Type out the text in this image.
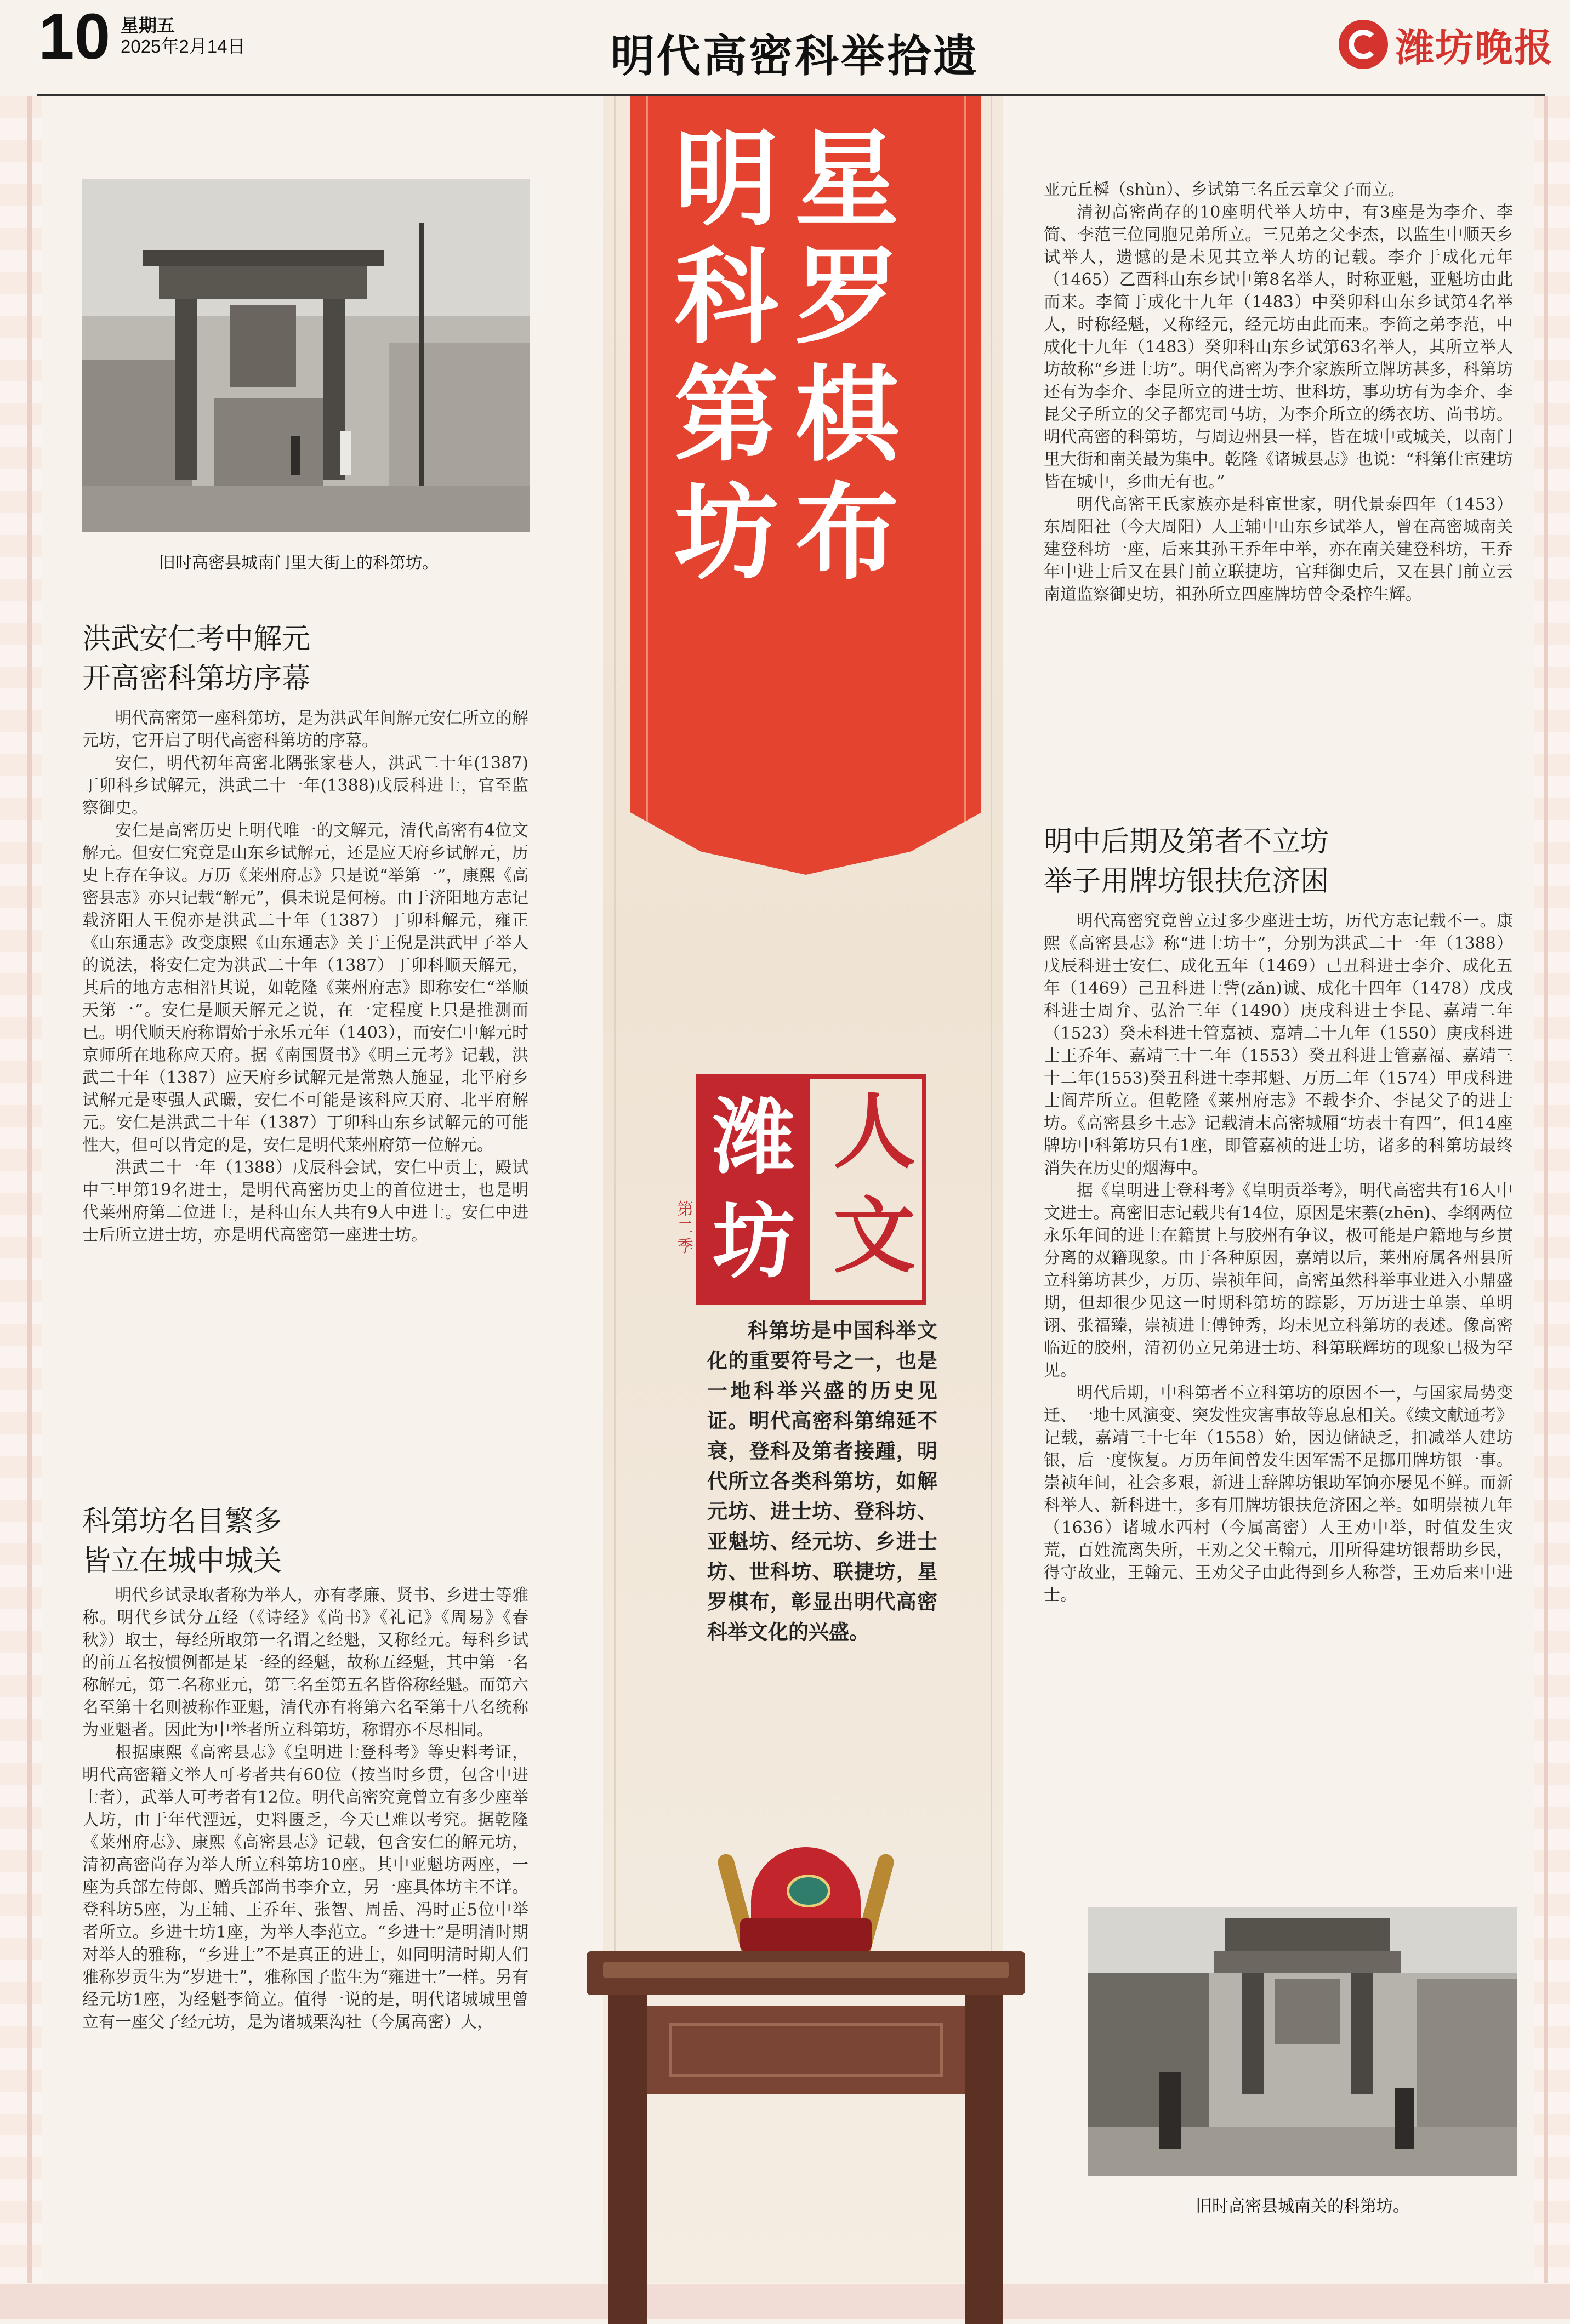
10 星期五
2025年2月14日	明代高密科举拾遗	潍坊晚报
星
罗
棋
布
明
科
第
坊
人
文
潍
坊
第二季

科第坊是中国科举文化的重要符号之一，也是一地科举兴盛的历史见证。明代高密科第绵延不衰，登科及第者接踵，明代所立各类科第坊，如解元坊、进士坊、登科坊、亚魁坊、经元坊、乡进士坊、世科坊、联捷坊，星罗棋布，彰显出明代高密科举文化的兴盛。

旧时高密县城南门里大街上的科第坊。
洪武安仁考中解元
开高密科第坊序幕

明代高密第一座科第坊，是为洪武年间解元安仁所立的解元坊，它开启了明代高密科第坊的序幕。

安仁，明代初年高密北隅张家巷人，洪武二十年(1387)丁卯科乡试解元，洪武二十一年(1388)戊辰科进士，官至监察御史。

安仁是高密历史上明代唯一的文解元，清代高密有4位文解元。但安仁究竟是山东乡试解元，还是应天府乡试解元，历史上存在争议。万历《莱州府志》只是说“举第一”，康熙《高密县志》亦只记载“解元”，俱未说是何榜。由于济阳地方志记载济阳人王倪亦是洪武二十年（1387）丁卯科解元，雍正《山东通志》改变康熙《山东通志》关于王倪是洪武甲子举人的说法，将安仁定为洪武二十年（1387）丁卯科顺天解元，其后的地方志相沿其说，如乾隆《莱州府志》即称安仁“举顺天第一”。安仁是顺天解元之说，在一定程度上只是推测而已。明代顺天府称谓始于永乐元年（1403），而安仁中解元时京师所在地称应天府。据《南国贤书》《明三元考》记载，洪武二十年（1387）应天府乡试解元是常熟人施显，北平府乡试解元是枣强人武曮，安仁不可能是该科应天府、北平府解元。安仁是洪武二十年（1387）丁卯科山东乡试解元的可能性大，但可以肯定的是，安仁是明代莱州府第一位解元。

洪武二十一年（1388）戊辰科会试，安仁中贡士，殿试中三甲第19名进士，是明代高密历史上的首位进士，也是明代莱州府第二位进士，是科山东人共有9人中进士。安仁中进士后所立进士坊，亦是明代高密第一座进士坊。

科第坊名目繁多
皆立在城中城关

明代乡试录取者称为举人，亦有孝廉、贤书、乡进士等雅称。明代乡试分五经（《诗经》《尚书》《礼记》《周易》《春秋》）取士，每经所取第一名谓之经魁，又称经元。每科乡试的前五名按惯例都是某一经的经魁，故称五经魁，其中第一名称解元，第二名称亚元，第三名至第五名皆俗称经魁。而第六名至第十名则被称作亚魁，清代亦有将第六名至第十八名统称为亚魁者。因此为中举者所立科第坊，称谓亦不尽相同。

根据康熙《高密县志》《皇明进士登科考》等史料考证，明代高密籍文举人可考者共有60位（按当时乡贯，包含中进士者），武举人可考者有12位。明代高密究竟曾立有多少座举人坊，由于年代湮远，史料匮乏，今天已难以考究。据乾隆《莱州府志》、康熙《高密县志》记载，包含安仁的解元坊，清初高密尚存为举人所立科第坊10座。其中亚魁坊两座，一座为兵部左侍郎、赠兵部尚书李介立，另一座具体坊主不详。登科坊5座，为王辅、王乔年、张智、周岳、冯时正5位中举者所立。乡进士坊1座，为举人李范立。“乡进士”是明清时期对举人的雅称，“乡进士”不是真正的进士，如同明清时期人们雅称岁贡生为“岁进士”，雅称国子监生为“雍进士”一样。另有经元坊1座，为经魁李简立。值得一说的是，明代诸城城里曾立有一座父子经元坊，是为诸城栗沟社（今属高密）人，

亚元丘橓（shùn）、乡试第三名丘云章父子而立。

清初高密尚存的10座明代举人坊中，有3座是为李介、李简、李范三位同胞兄弟所立。三兄弟之父李杰，以监生中顺天乡试举人，遗憾的是未见其立举人坊的记载。李介于成化元年（1465）乙酉科山东乡试中第8名举人，时称亚魁，亚魁坊由此而来。李简于成化十九年（1483）中癸卯科山东乡试第4名举人，时称经魁，又称经元，经元坊由此而来。李简之弟李范，中成化十九年（1483）癸卯科山东乡试第63名举人，其所立举人坊故称“乡进士坊”。明代高密为李介家族所立牌坊甚多，科第坊还有为李介、李昆所立的进士坊、世科坊，事功坊有为李介、李昆父子所立的父子都宪司马坊，为李介所立的绣衣坊、尚书坊。明代高密的科第坊，与周边州县一样，皆在城中或城关，以南门里大街和南关最为集中。乾隆《诸城县志》也说：“科第仕宦建坊皆在城中，乡曲无有也。”

明代高密王氏家族亦是科宦世家，明代景泰四年（1453）东周阳社（今大周阳）人王辅中山东乡试举人，曾在高密城南关建登科坊一座，后来其孙王乔年中举，亦在南关建登科坊，王乔年中进士后又在县门前立联捷坊，官拜御史后，又在县门前立云南道监察御史坊，祖孙所立四座牌坊曾令桑梓生辉。

明中后期及第者不立坊
举子用牌坊银扶危济困

明代高密究竟曾立过多少座进士坊，历代方志记载不一。康熙《高密县志》称“进士坊十”，分别为洪武二十一年（1388）戊辰科进士安仁、成化五年（1469）己丑科进士李介、成化五年（1469）己丑科进士訾(zǎn)诚、成化十四年（1478）戊戌科进士周弁、弘治三年（1490）庚戌科进士李昆、嘉靖二年（1523）癸未科进士管嘉祯、嘉靖二十九年（1550）庚戌科进士王乔年、嘉靖三十二年（1553）癸丑科进士管嘉福、嘉靖三十二年(1553)癸丑科进士李邦魁、万历二年（1574）甲戌科进士阎芹所立。但乾隆《莱州府志》不载李介、李昆父子的进士坊。《高密县乡土志》记载清末高密城厢“坊表十有四”，但14座牌坊中科第坊只有1座，即管嘉祯的进士坊，诸多的科第坊最终消失在历史的烟海中。

据《皇明进士登科考》《皇明贡举考》，明代高密共有16人中文进士。高密旧志记载共有14位，原因是宋蓁(zhēn)、李纲两位永乐年间的进士在籍贯上与胶州有争议，极可能是户籍地与乡贯分离的双籍现象。由于各种原因，嘉靖以后，莱州府属各州县所立科第坊甚少，万历、崇祯年间，高密虽然科举事业进入小鼎盛期，但却很少见这一时期科第坊的踪影，万历进士单崇、单明诩、张福臻，崇祯进士傅钟秀，均未见立科第坊的表述。像高密临近的胶州，清初仍立兄弟进士坊、科第联辉坊的现象已极为罕见。

明代后期，中科第者不立科第坊的原因不一，与国家局势变迁、一地士风演变、突发性灾害事故等息息相关。《续文献通考》记载，嘉靖三十七年（1558）始，因边储缺乏，扣减举人建坊银，后一度恢复。万历年间曾发生因军需不足挪用牌坊银一事。崇祯年间，社会多艰，新进士辞牌坊银助军饷亦屡见不鲜。而新科举人、新科进士，多有用牌坊银扶危济困之举。如明崇祯九年（1636）诸城水西村（今属高密）人王劝中举，时值发生灾荒，百姓流离失所，王劝之父王翰元，用所得建坊银帮助乡民，得守故业，王翰元、王劝父子由此得到乡人称誉，王劝后来中进士。

旧时高密县城南关的科第坊。
